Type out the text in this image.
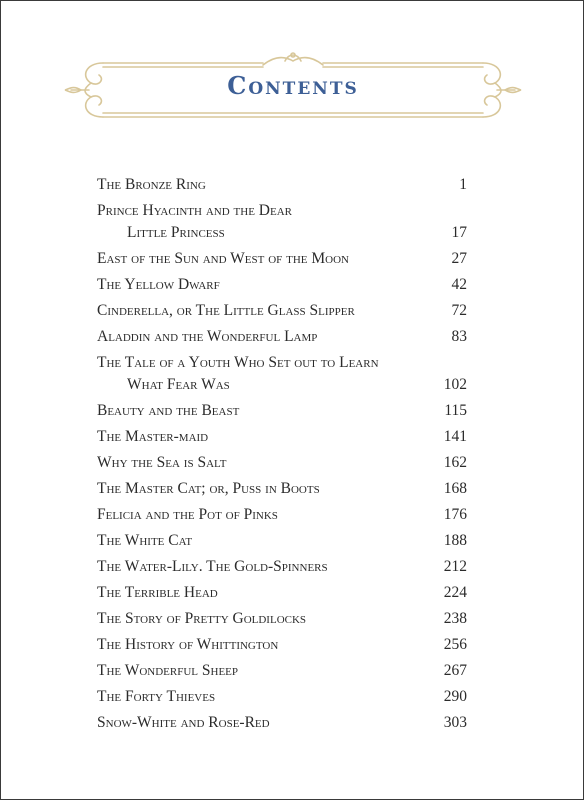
Contents
The Bronze Ring	1
Prince Hyacinth and the Dear
Little Princess	17
East of the Sun and West of the Moon	27
The Yellow Dwarf	42
Cinderella, or The Little Glass Slipper	72
Aladdin and the Wonderful Lamp	83
The Tale of a Youth Who Set out to Learn
What Fear Was	102
Beauty and the Beast	115
The Master-maid	141
Why the Sea is Salt	162
The Master Cat; or, Puss in Boots	168
Felicia and the Pot of Pinks	176
The White Cat	188
The Water-Lily. The Gold-Spinners	212
The Terrible Head	224
The Story of Pretty Goldilocks	238
The History of Whittington	256
The Wonderful Sheep	267
The Forty Thieves	290
Snow-White and Rose-Red	303
